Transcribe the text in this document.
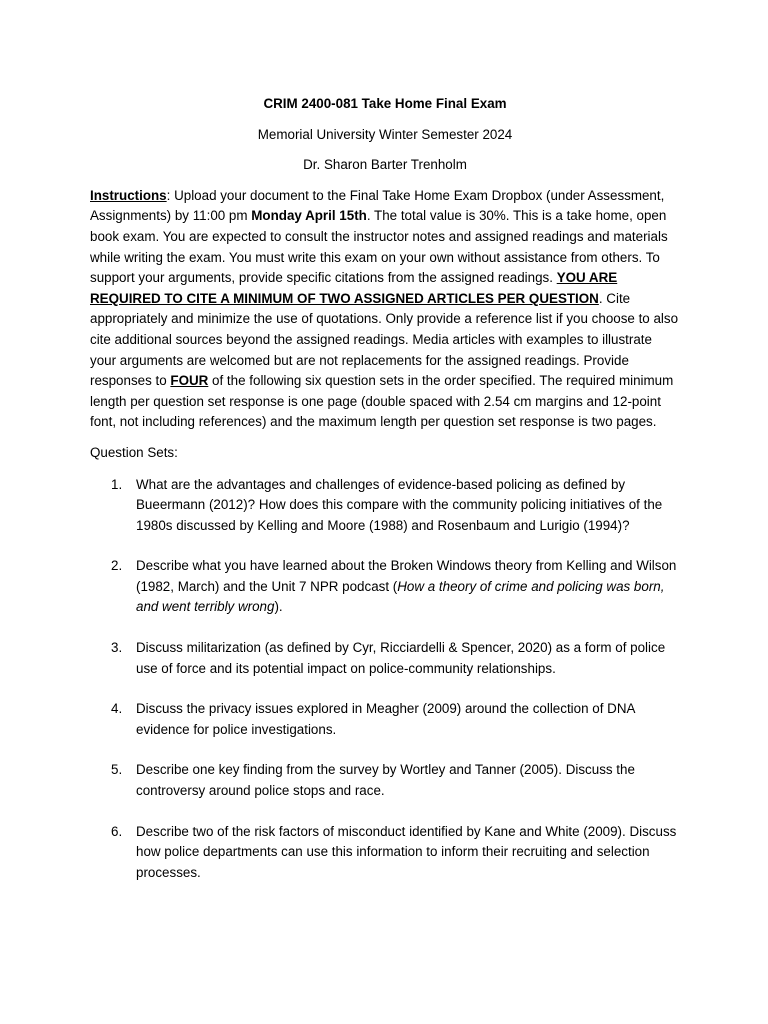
CRIM 2400-081 Take Home Final Exam

Memorial University Winter Semester 2024

Dr. Sharon Barter Trenholm

Instructions: Upload your document to the Final Take Home Exam Dropbox (under Assessment, Assignments) by 11:00 pm Monday April 15th. The total value is 30%. This is a take home, open book exam. You are expected to consult the instructor notes and assigned readings and materials while writing the exam. You must write this exam on your own without assistance from others. To support your arguments, provide specific citations from the assigned readings. YOU ARE REQUIRED TO CITE A MINIMUM OF TWO ASSIGNED ARTICLES PER QUESTION. Cite appropriately and minimize the use of quotations. Only provide a reference list if you choose to also cite additional sources beyond the assigned readings. Media articles with examples to illustrate your arguments are welcomed but are not replacements for the assigned readings. Provide responses to FOUR of the following six question sets in the order specified. The required minimum length per question set response is one page (double spaced with 2.54 cm margins and 12-point font, not including references) and the maximum length per question set response is two pages.

Question Sets:

1. What are the advantages and challenges of evidence-based policing as defined by Bueermann (2012)? How does this compare with the community policing initiatives of the 1980s discussed by Kelling and Moore (1988) and Rosenbaum and Lurigio (1994)?
2. Describe what you have learned about the Broken Windows theory from Kelling and Wilson (1982, March) and the Unit 7 NPR podcast (How a theory of crime and policing was born, and went terribly wrong).
3. Discuss militarization (as defined by Cyr, Ricciardelli & Spencer, 2020) as a form of police use of force and its potential impact on police-community relationships.
4. Discuss the privacy issues explored in Meagher (2009) around the collection of DNA evidence for police investigations.
5. Describe one key finding from the survey by Wortley and Tanner (2005). Discuss the controversy around police stops and race.
6. Describe two of the risk factors of misconduct identified by Kane and White (2009). Discuss how police departments can use this information to inform their recruiting and selection processes.
